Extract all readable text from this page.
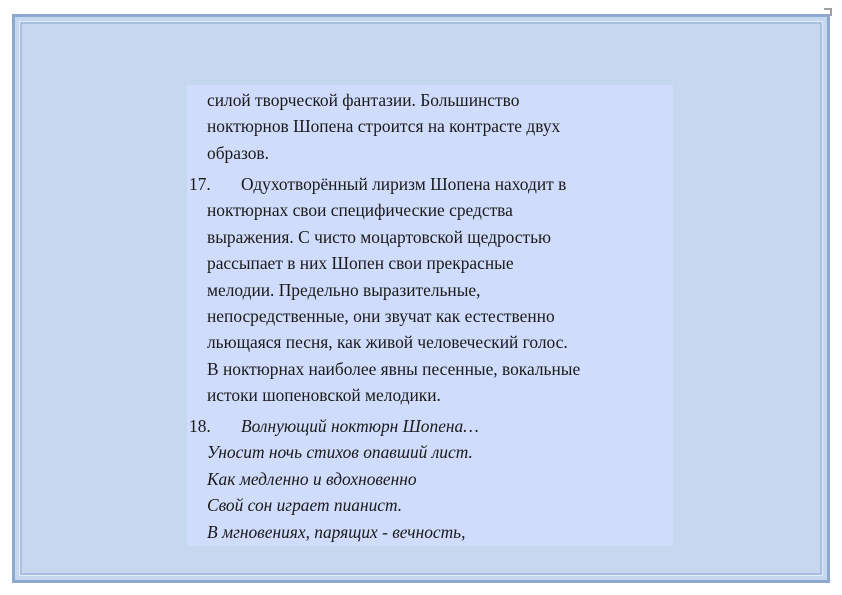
силой творческой фантазии. Большинство
ноктюрнов Шопена строится на контрасте двух
образов.
17. Одухотворённый лиризм Шопена находит в
ноктюрнах свои специфические средства
выражения. С чисто моцартовской щедростью
рассыпает в них Шопен свои прекрасные
мелодии. Предельно выразительные,
непосредственные, они звучат как естественно
льющаяся песня, как живой человеческий голос.
В ноктюрнах наиболее явны песенные, вокальные
истоки шопеновской мелодики.
18. Волнующий ноктюрн Шопена…
Уносит ночь стихов опавший лист.
Как медленно и вдохновенно
Свой сон играет пианист.
В мгновениях, парящих - вечность,
